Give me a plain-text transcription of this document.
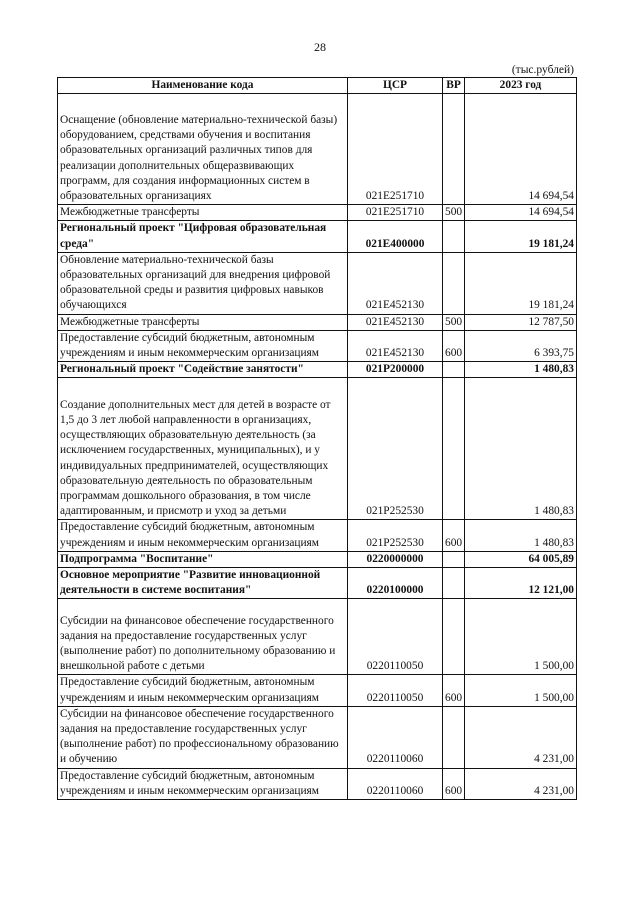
28
(тыс.рублей)
Наименование кода	ЦСР	ВР	2023 год
Оснащение (обновление материально-технической базы) оборудованием, средствами обучения и воспитания образовательных организаций различных типов для реализации дополнительных общеразвивающих программ, для создания информационных систем в образовательных организациях	021E251710		14 694,54
Межбюджетные трансферты	021E251710	500	14 694,54
Региональный проект "Цифровая образовательная среда"	021E400000		19 181,24
Обновление материально-технической базы образовательных организаций для внедрения цифровой образовательной среды и развития цифровых навыков обучающихся	021E452130		19 181,24
Межбюджетные трансферты	021E452130	500	12 787,50
Предоставление субсидий бюджетным, автономным учреждениям и иным некоммерческим организациям	021E452130	600	6 393,75
Региональный проект "Содействие занятости"	021P200000		1 480,83
Создание дополнительных мест для детей в возрасте от 1,5 до 3 лет любой направленности в организациях, осуществляющих образовательную деятельность (за исключением государственных, муниципальных), и у индивидуальных предпринимателей, осуществляющих образовательную деятельность по образовательным программам дошкольного образования, в том числе адаптированным, и присмотр и уход за детьми	021P252530		1 480,83
Предоставление субсидий бюджетным, автономным учреждениям и иным некоммерческим организациям	021P252530	600	1 480,83
Подпрограмма "Воспитание"	0220000000		64 005,89
Основное мероприятие "Развитие инновационной деятельности в системе воспитания"	0220100000		12 121,00
Субсидии на финансовое обеспечение государственного задания на предоставление государственных услуг (выполнение работ) по дополнительному образованию и внешкольной работе с детьми	0220110050		1 500,00
Предоставление субсидий бюджетным, автономным учреждениям и иным некоммерческим организациям	0220110050	600	1 500,00
Субсидии на финансовое обеспечение государственного задания на предоставление государственных услуг (выполнение работ) по профессиональному образованию и обучению	0220110060		4 231,00
Предоставление субсидий бюджетным, автономным учреждениям и иным некоммерческим организациям	0220110060	600	4 231,00
